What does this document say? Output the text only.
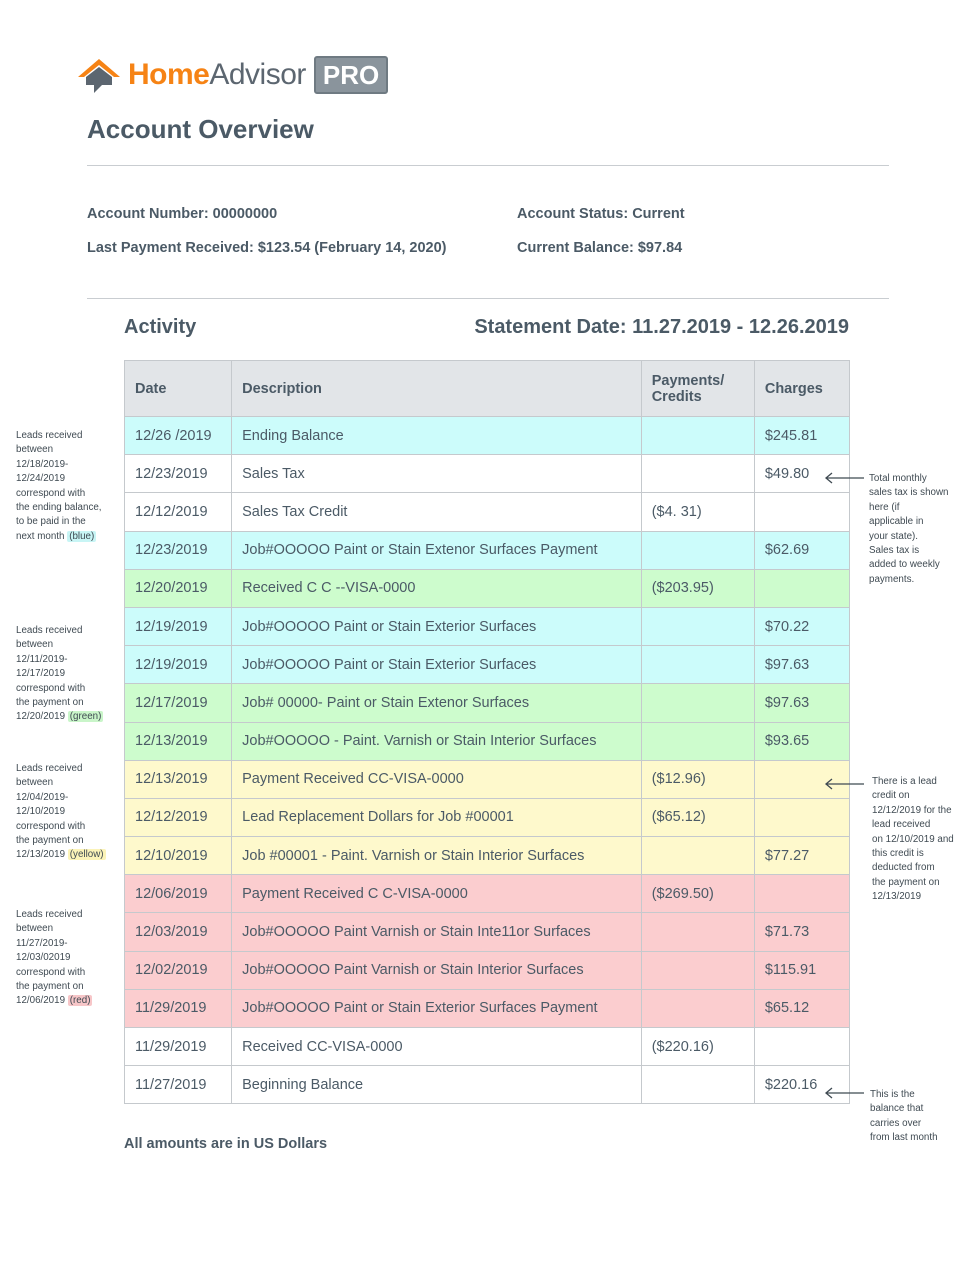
Home Advisor PRO
Account Overview
Account Number: 00000000
Last Payment Received: $123.54 (February 14, 2020)
Account Status: Current
Current Balance: $97.84
Activity	Statement Date: 11.27.2019 - 12.26.2019
Date	Description	Payments/ Credits	Charges
12/26 /2019	Ending Balance		$245.81
12/23/2019	Sales Tax		$49.80
12/12/2019	Sales Tax Credit	($4. 31)	
12/23/2019	Job#OOOOO Paint or Stain Extenor Surfaces Payment		$62.69
12/20/2019	Received C C --VISA-0000	($203.95)	
12/19/2019	Job#OOOOO Paint or Stain Exterior Surfaces		$70.22
12/19/2019	Job#OOOOO Paint or Stain Exterior Surfaces		$97.63
12/17/2019	Job# 00000- Paint or Stain Extenor Surfaces		$97.63
12/13/2019	Job#OOOOO - Paint. Varnish or Stain Interior Surfaces		$93.65
12/13/2019	Payment Received CC-VISA-0000	($12.96)	
12/12/2019	Lead Replacement Dollars for Job #00001	($65.12)	
12/10/2019	Job #00001 - Paint. Varnish or Stain Interior Surfaces		$77.27
12/06/2019	Payment Received C C-VISA-0000	($269.50)	
12/03/2019	Job#OOOOO Paint Varnish or Stain Inte11or Surfaces		$71.73
12/02/2019	Job#OOOOO Paint Varnish or Stain Interior Surfaces		$115.91
11/29/2019	Job#OOOOO Paint or Stain Exterior Surfaces Payment		$65.12
11/29/2019	Received CC-VISA-0000	($220.16)	
11/27/2019	Beginning Balance		$220.16
All amounts are in US Dollars
Leads received
between
12/18/2019-
12/24/2019
correspond with
the ending balance,
to be paid in the
next month (blue)
Leads received
between
12/11/2019-12/17/2019
correspond with
the payment on
12/20/2019 (green)
Leads received
between
12/04/2019-
12/10/2019
correspond with
the payment on
12/13/2019 (yellow)
Leads received
between
11/27/2019-
12/03/02019
correspond with
the payment on
12/06/2019 (red)
Total monthly
sales tax is shown
here (if
applicable in
your state).
Sales tax is
added to weekly
payments.
There is a lead
credit on
12/12/2019 for the
lead received
on 12/10/2019 and
this credit is
deducted from
the payment on
12/13/2019
This is the
balance that
carries over
from last month
